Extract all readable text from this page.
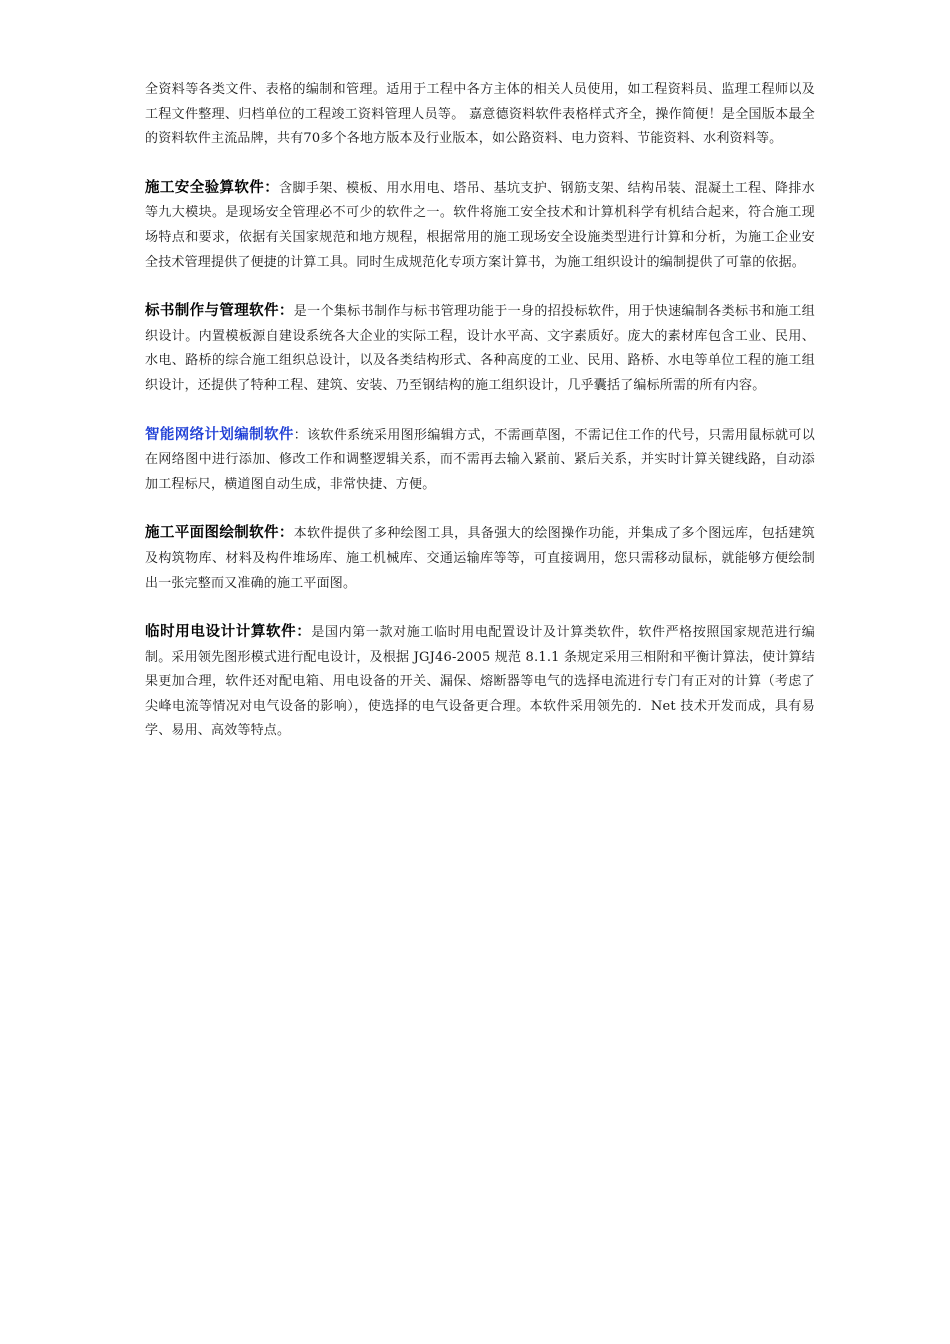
全资料等各类文件、表格的编制和管理。适用于工程中各方主体的相关人员使用，如工程资料员、监理工程师以及工程文件整理、归档单位的工程竣工资料管理人员等。 嘉意德资料软件表格样式齐全，操作简便！是全国版本最全的资料软件主流品牌，共有70多个各地方版本及行业版本，如公路资料、电力资料、节能资料、水利资料等。

施工安全验算软件：含脚手架、模板、用水用电、塔吊、基坑支护、钢筋支架、结构吊装、混凝土工程、降排水等九大模块。是现场安全管理必不可少的软件之一。软件将施工安全技术和计算机科学有机结合起来，符合施工现场特点和要求，依据有关国家规范和地方规程，根据常用的施工现场安全设施类型进行计算和分析，为施工企业安全技术管理提供了便捷的计算工具。同时生成规范化专项方案计算书，为施工组织设计的编制提供了可靠的依据。

标书制作与管理软件：是一个集标书制作与标书管理功能于一身的招投标软件，用于快速编制各类标书和施工组织设计。内置模板源自建设系统各大企业的实际工程，设计水平高、文字素质好。庞大的素材库包含工业、民用、水电、路桥的综合施工组织总设计，以及各类结构形式、各种高度的工业、民用、路桥、水电等单位工程的施工组织设计，还提供了特种工程、建筑、安装、乃至钢结构的施工组织设计，几乎囊括了编标所需的所有内容。

智能网络计划编制软件：该软件系统采用图形编辑方式，不需画草图，不需记住工作的代号，只需用鼠标就可以在网络图中进行添加、修改工作和调整逻辑关系，而不需再去输入紧前、紧后关系，并实时计算关键线路，自动添加工程标尺，横道图自动生成，非常快捷、方便。

施工平面图绘制软件：本软件提供了多种绘图工具，具备强大的绘图操作功能，并集成了多个图远库，包括建筑及构筑物库、材料及构件堆场库、施工机械库、交通运输库等等，可直接调用，您只需移动鼠标，就能够方便绘制出一张完整而又准确的施工平面图。

临时用电设计计算软件：是国内第一款对施工临时用电配置设计及计算类软件，软件严格按照国家规范进行编制。采用领先图形模式进行配电设计，及根据 JGJ46-2005 规范 8.1.1 条规定采用三相附和平衡计算法，使计算结果更加合理，软件还对配电箱、用电设备的开关、漏保、熔断器等电气的选择电流进行专门有正对的计算（考虑了尖峰电流等情况对电气设备的影响），使选择的电气设备更合理。本软件采用领先的．Net 技术开发而成，具有易学、易用、高效等特点。
